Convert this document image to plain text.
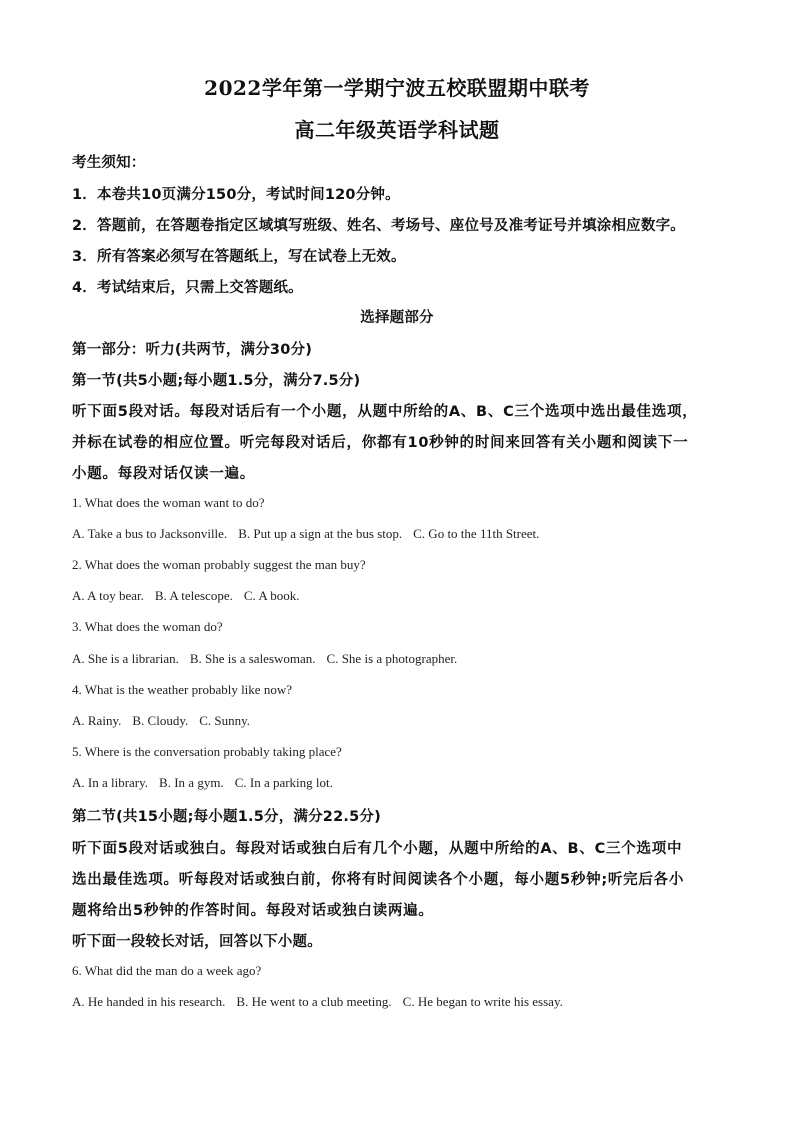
2022学年第一学期宁波五校联盟期中联考
高二年级英语学科试题
考生须知：
1．本卷共10页满分150分，考试时间120分钟。
2．答题前，在答题卷指定区域填写班级、姓名、考场号、座位号及准考证号并填涂相应数字。
3．所有答案必须写在答题纸上，写在试卷上无效。
4．考试结束后，只需上交答题纸。
选择题部分
第一部分：听力(共两节，满分30分)
第一节(共5小题;每小题1.5分，满分7.5分)
听下面5段对话。每段对话后有一个小题，从题中所给的A、B、C三个选项中选出最佳选项，
并标在试卷的相应位置。听完每段对话后，你都有10秒钟的时间来回答有关小题和阅读下一
小题。每段对话仅读一遍。
1. What does the woman want to do?
A. Take a bus to Jacksonville. B. Put up a sign at the bus stop. C. Go to the 11th Street.
2. What does the woman probably suggest the man buy?
A. A toy bear. B. A telescope. C. A book.
3. What does the woman do?
A. She is a librarian. B. She is a saleswoman. C. She is a photographer.
4. What is the weather probably like now?
A. Rainy. B. Cloudy. C. Sunny.
5. Where is the conversation probably taking place?
A. In a library. B. In a gym. C. In a parking lot.
第二节(共15小题;每小题1.5分，满分22.5分)
听下面5段对话或独白。每段对话或独白后有几个小题，从题中所给的A、B、C三个选项中
选出最佳选项。听每段对话或独白前，你将有时间阅读各个小题，每小题5秒钟;听完后各小
题将给出5秒钟的作答时间。每段对话或独白读两遍。
听下面一段较长对话，回答以下小题。
6. What did the man do a week ago?
A. He handed in his research. B. He went to a club meeting. C. He began to write his essay.
